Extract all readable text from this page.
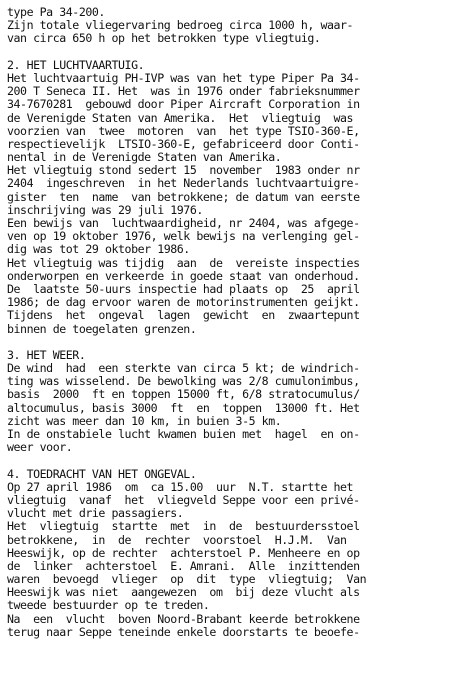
type Pa 34-200.
Zijn totale vliegervaring bedroeg circa 1000 h, waar-
van circa 650 h op het betrokken type vliegtuig.
2. HET LUCHTVAARTUIG.
Het luchtvaartuig PH-IVP was van het type Piper Pa 34-
200 T Seneca II. Het  was in 1976 onder fabrieksnummer
34-7670281  gebouwd door Piper Aircraft Corporation in
de Verenigde Staten van Amerika.  Het  vliegtuig  was
voorzien van  twee  motoren  van  het type TSIO-360-E,
respectievelijk  LTSIO-360-E, gefabriceerd door Conti-
nental in de Verenigde Staten van Amerika.
Het vliegtuig stond sedert 15  november  1983 onder nr
2404  ingeschreven  in het Nederlands luchtvaartuigre-
gister  ten  name  van betrokkene; de datum van eerste
inschrijving was 29 juli 1976.
Een bewijs van  luchtwaardigheid, nr 2404, was afgege-
ven op 19 oktober 1976, welk bewijs na verlenging gel-
dig was tot 29 oktober 1986.
Het vliegtuig was tijdig  aan  de  vereiste inspecties
onderworpen en verkeerde in goede staat van onderhoud.
De  laatste 50-uurs inspectie had plaats op  25  april
1986; de dag ervoor waren de motorinstrumenten geijkt.
Tijdens  het  ongeval  lagen  gewicht  en  zwaartepunt
binnen de toegelaten grenzen.
3. HET WEER.
De wind  had  een sterkte van circa 5 kt; de windrich-
ting was wisselend. De bewolking was 2/8 cumulonimbus,
basis  2000  ft en toppen 15000 ft, 6/8 stratocumulus/
altocumulus, basis 3000  ft  en  toppen  13000 ft. Het
zicht was meer dan 10 km, in buien 3-5 km.
In de onstabiele lucht kwamen buien met  hagel  en on-
weer voor.
4. TOEDRACHT VAN HET ONGEVAL.
Op 27 april 1986  om  ca 15.00  uur  N.T. startte het
vliegtuig  vanaf  het  vliegveld Seppe voor een privé-
vlucht met drie passagiers.
Het  vliegtuig  startte  met  in  de  bestuurdersstoel
betrokkene,  in  de  rechter  voorstoel  H.J.M.  Van
Heeswijk, op de rechter  achterstoel P. Menheere en op
de  linker  achterstoel  E. Amrani.  Alle  inzittenden
waren  bevoegd  vlieger  op  dit  type  vliegtuig;  Van
Heeswijk was niet  aangewezen  om  bij deze vlucht als
tweede bestuurder op te treden.
Na  een  vlucht  boven Noord-Brabant keerde betrokkene
terug naar Seppe teneinde enkele doorstarts te beoefe-
